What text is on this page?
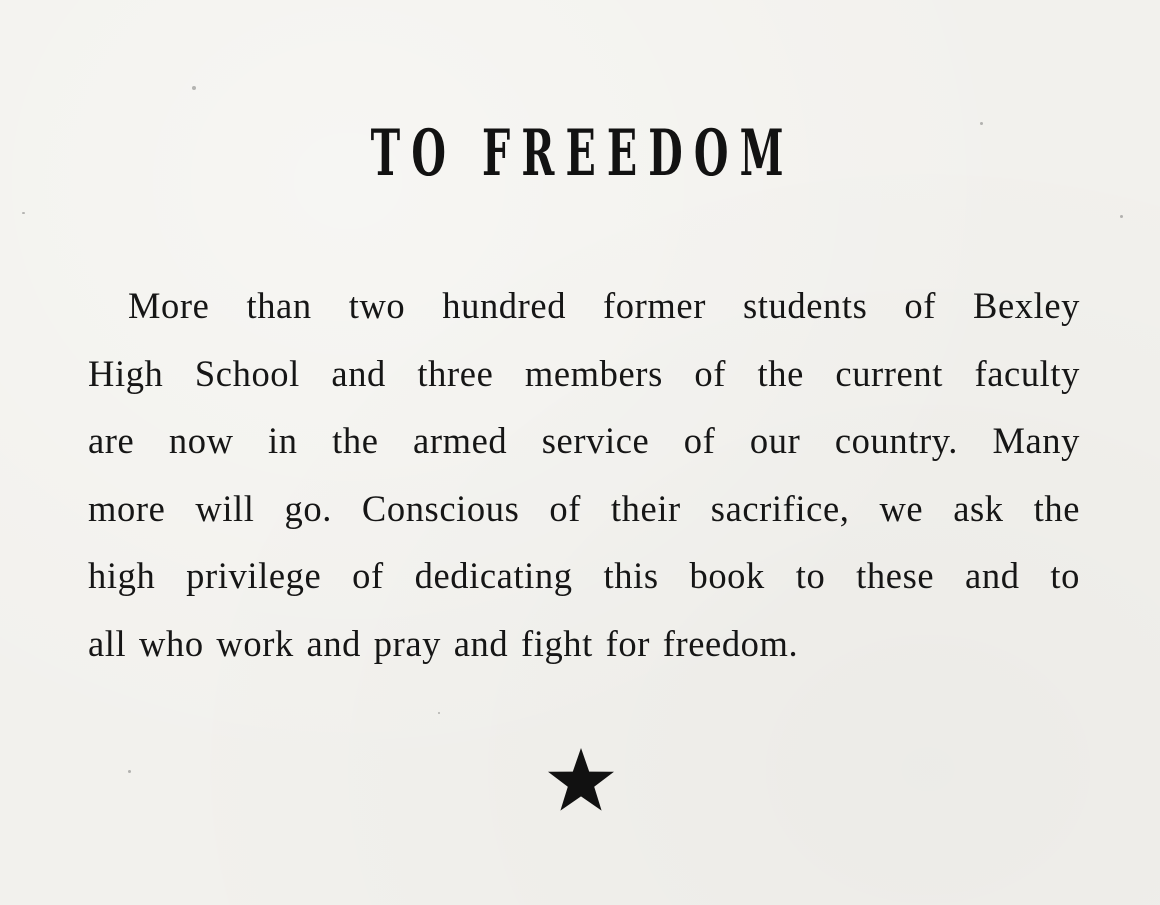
TO FREEDOM
More than two hundred former students of Bexley
High School and three members of the current faculty
are now in the armed service of our country. Many
more will go. Conscious of their sacrifice, we ask the
high privilege of dedicating this book to these and to
all who work and pray and fight for freedom.
